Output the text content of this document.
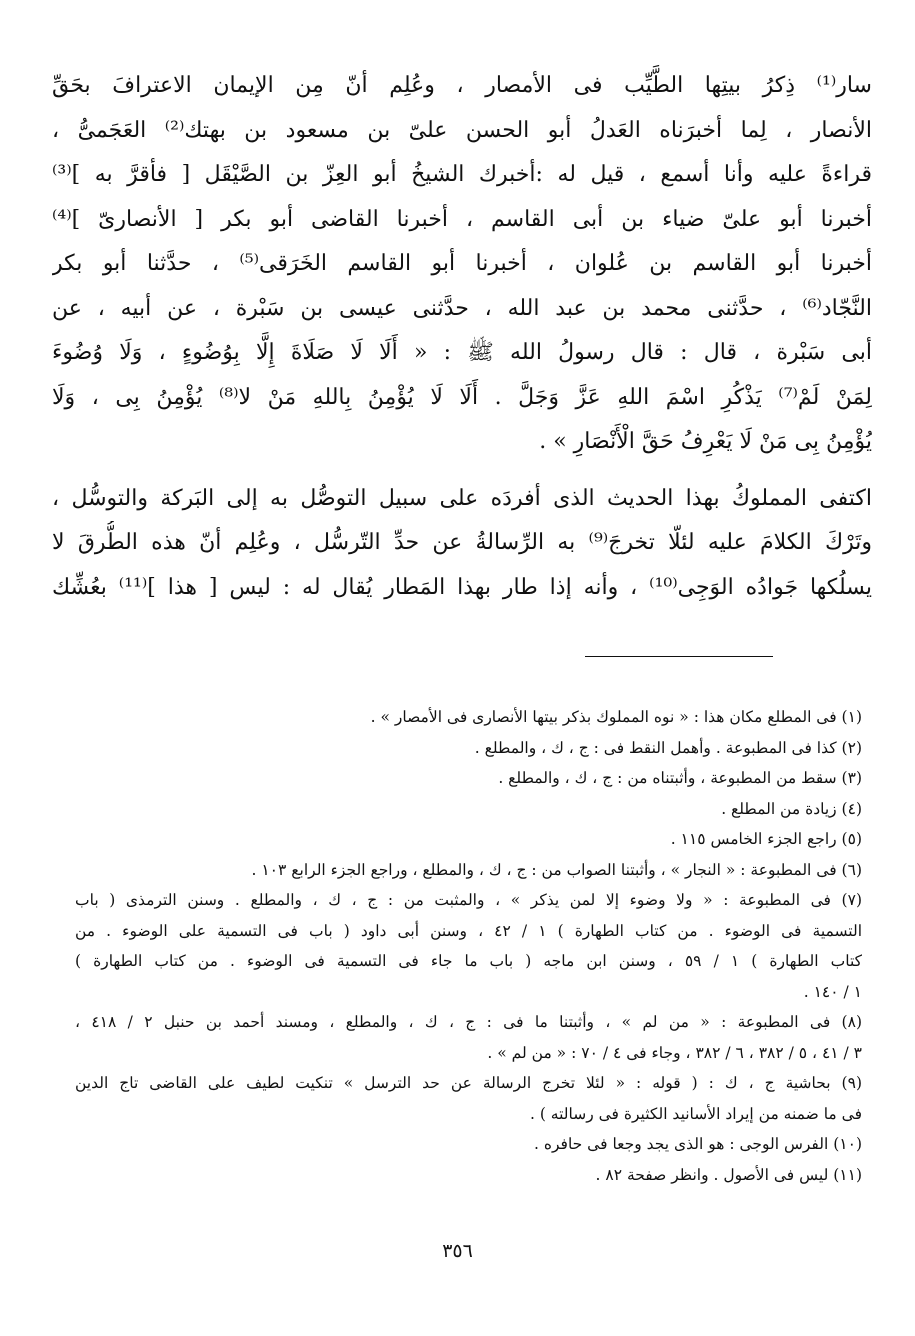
سار⁽¹⁾ ذِكرُ بيتِها الطَّيِّب فى الأمصار ، وعُلِم أنّ مِن الإيمان الاعترافَ بحَقِّ
الأنصار ، لِما أخبرَناه العَدلُ أبو الحسن علىّ بن مسعود بن بهتك⁽²⁾ العَجَمىُّ ،
قراءةً عليه وأنا أسمع ، قيل له :أخبرك الشيخُ أبو العِزّ بن الصَّيْقَل [ فأقرَّ به ]⁽³⁾
أخبرنا أبو علىّ ضياء بن أبى القاسم ، أخبرنا القاضى أبو بكر [ الأنصارىّ ]⁽⁴⁾
أخبرنا أبو القاسم بن عُلوان ، أخبرنا أبو القاسم الخَرَقى⁽⁵⁾ ، حدَّثنا أبو بكر
النَّجّاد⁽⁶⁾ ، حدَّثنى محمد بن عبد الله ، حدَّثنى عيسى بن سَبْرة ، عن أبيه ، عن
أبى سَبْرة ، قال : قال رسولُ الله ﷺ : « أَلَا لَا صَلَاةَ إِلَّا بِوُضُوءٍ ، وَلَا وُضُوءَ
لِمَنْ لَمْ⁽⁷⁾ يَذْكُرِ اسْمَ اللهِ عَزَّ وَجَلَّ . أَلَا لَا يُؤْمِنُ بِاللهِ مَنْ لا⁽⁸⁾ يُؤْمِنُ بِى ، وَلَا
يُؤْمِنُ بِى مَنْ لَا يَعْرِفُ حَقَّ الْأَنْصَارِ » .
اكتفى المملوكُ بهذا الحديث الذى أفردَه على سبيل التوصُّل به إلى البَركة والتوسُّل ،
وتَرْكَ الكلامَ عليه لئلّا تخرجَ⁽⁹⁾ به الرِّسالةُ عن حدِّ التّرسُّل ، وعُلِم أنّ هذه الطُّرقَ لا
يسلُكها جَوادُه الوَجِى⁽¹⁰⁾ ، وأنه إذا طار بهذا المَطار يُقال له : ليس [ هذا ]⁽¹¹⁾ بعُشِّك
(١) فى المطلع مكان هذا : « نوه المملوك بذكر بيتها الأنصارى فى الأمصار » .
(٢) كذا فى المطبوعة . وأهمل النقط فى : ج ، ك ، والمطلع .
(٣) سقط من المطبوعة ، وأثبتناه من : ج ، ك ، والمطلع .
(٤) زيادة من المطلع .
(٥) راجع الجزء الخامس ١١٥ .
(٦) فى المطبوعة : « النجار » ، وأثبتنا الصواب من : ج ، ك ، والمطلع ، وراجع الجزء الرابع ١٠٣ .
(٧) فى المطبوعة : « ولا وضوء إلا لمن يذكر » ، والمثبت من : ج ، ك ، والمطلع . وسنن الترمذى ( باب
التسمية فى الوضوء . من كتاب الطهارة ) ١ / ٤٢ ، وسنن أبى داود ( باب فى التسمية على الوضوء . من
كتاب الطهارة ) ١ / ٥٩ ، وسنن ابن ماجه ( باب ما جاء فى التسمية فى الوضوء . من كتاب الطهارة )
١ / ١٤٠ .
(٨) فى المطبوعة : « من لم » ، وأثبتنا ما فى : ج ، ك ، والمطلع ، ومسند أحمد بن حنبل ٢ / ٤١٨ ،
٣ / ٤١ ، ٥ / ٣٨٢ ، ٦ / ٣٨٢ ، وجاء فى ٤ / ٧٠ : « من لم » .
(٩) بحاشية ج ، ك : ( قوله : « لئلا تخرج الرسالة عن حد الترسل » تنكيت لطيف على القاضى تاج الدين
فى ما ضمنه من إيراد الأسانيد الكثيرة فى رسالته ) .
(١٠) الفرس الوجى : هو الذى يجد وجعا فى حافره .
(١١) ليس فى الأصول . وانظر صفحة ٨٢ .
٣٥٦
